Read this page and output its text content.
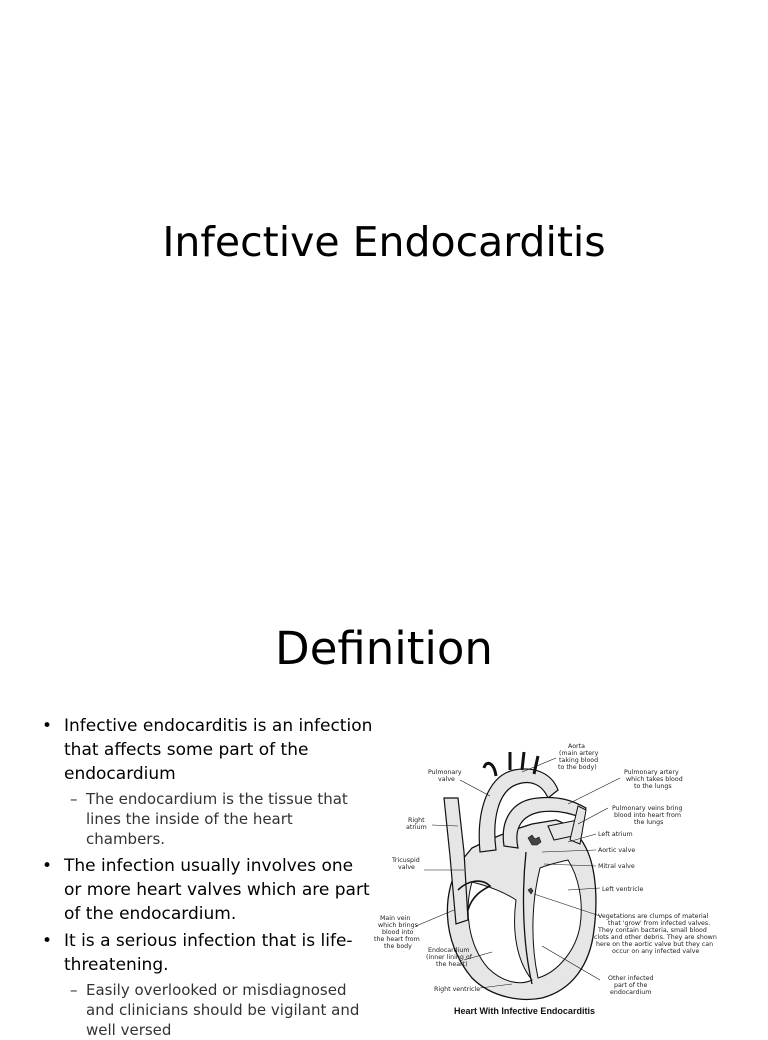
Infective Endocarditis
Definition
• Infective endocarditis is an infection that affects some part of the endocardium
– The endocardium is the tissue that lines the inside of the heart chambers.
• The infection usually involves one or more heart valves which are part of the endocardium.
• It is a serious infection that is life-threatening.
– Easily overlooked or misdiagnosed and clinicians should be vigilant and well versed
Aorta (main artery taking blood to the body)
Pulmonary valve
Pulmonary artery which takes blood to the lungs
Pulmonary veins bring blood into heart from the lungs
Right atrium
Left atrium
Tricuspid valve
Aortic valve
Mitral valve
Left ventricle
Vegetations are clumps of material that 'grow' from infected valves. They contain bacteria, small blood clots and other debris. They are shown here on the aortic valve but they can occur on any infected valve
Main vein which brings blood into the heart from the body
Endocardium (inner lining of the heart)
Other infected part of the endocardium
Right ventricle
Heart With Infective Endocarditis
